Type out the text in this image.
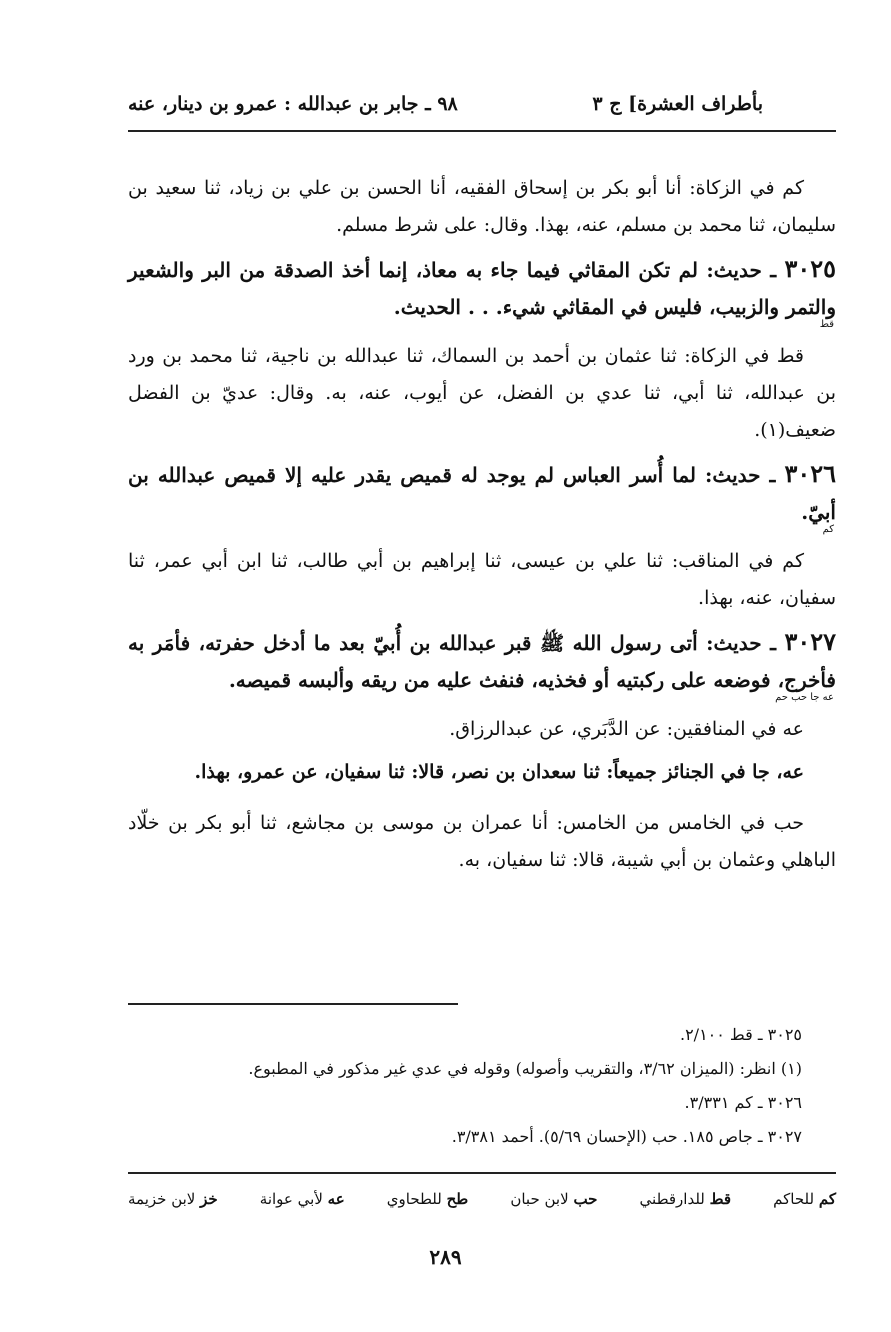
بأطراف العشرة] ج ٣
٩٨ ـ جابر بن عبدالله : عمرو بن دينار، عنه

كم في الزكاة: أنا أبو بكر بن إسحاق الفقيه، أنا الحسن بن علي بن زياد، ثنا سعيد بن سليمان، ثنا محمد بن مسلم، عنه، بهذا. وقال: على شرط مسلم.

٣٠٢٥ ـ حديث: لم تكن المقاثي فيما جاء به معاذ، إنما أخذ الصدقة من البر والشعير والتمر والزبيب، فليس في المقاثي شيء. . . الحديث.
قط

قط في الزكاة: ثنا عثمان بن أحمد بن السماك، ثنا عبدالله بن ناجية، ثنا محمد بن ورد بن عبدالله، ثنا أبي، ثنا عدي بن الفضل، عن أيوب، عنه، به. وقال: عديّ بن الفضل ضعيف(١).

٣٠٢٦ ـ حديث: لما أُسر العباس لم يوجد له قميص يقدر عليه إلا قميص عبدالله بن أبيّ.
كم

كم في المناقب: ثنا علي بن عيسى، ثنا إبراهيم بن أبي طالب، ثنا ابن أبي عمر، ثنا سفيان، عنه، بهذا.

٣٠٢٧ ـ حديث: أتى رسول الله ﷺ قبر عبدالله بن أُبيّ بعد ما أدخل حفرته، فأمَر به فأخرج، فوضعه على ركبتيه أو فخذيه، فنفث عليه من ريقه وألبسه قميصه.
عه جا حب حم

عه في المنافقين: عن الدَّبَري، عن عبدالرزاق.

عه، جا في الجنائز جميعاً: ثنا سعدان بن نصر، قالا: ثنا سفيان، عن عمرو، بهذا.

حب في الخامس من الخامس: أنا عمران بن موسى بن مجاشع، ثنا أبو بكر بن خلّاد الباهلي وعثمان بن أبي شيبة، قالا: ثنا سفيان، به.

٣٠٢٥ ـ قط ٢/١٠٠.
(١) انظر: (الميزان ٣/٦٢، والتقريب وأصوله) وقوله في عدي غير مذكور في المطبوع.
٣٠٢٦ ـ كم ٣/٣٣١.
٣٠٢٧ ـ جاص ١٨٥. حب (الإحسان ٥/٦٩). أحمد ٣/٣٨١.
كم للحاكم
قط للدارقطني
حب لابن حبان
طح للطحاوي
عه لأبي عوانة
خز لابن خزيمة
٢٨٩
